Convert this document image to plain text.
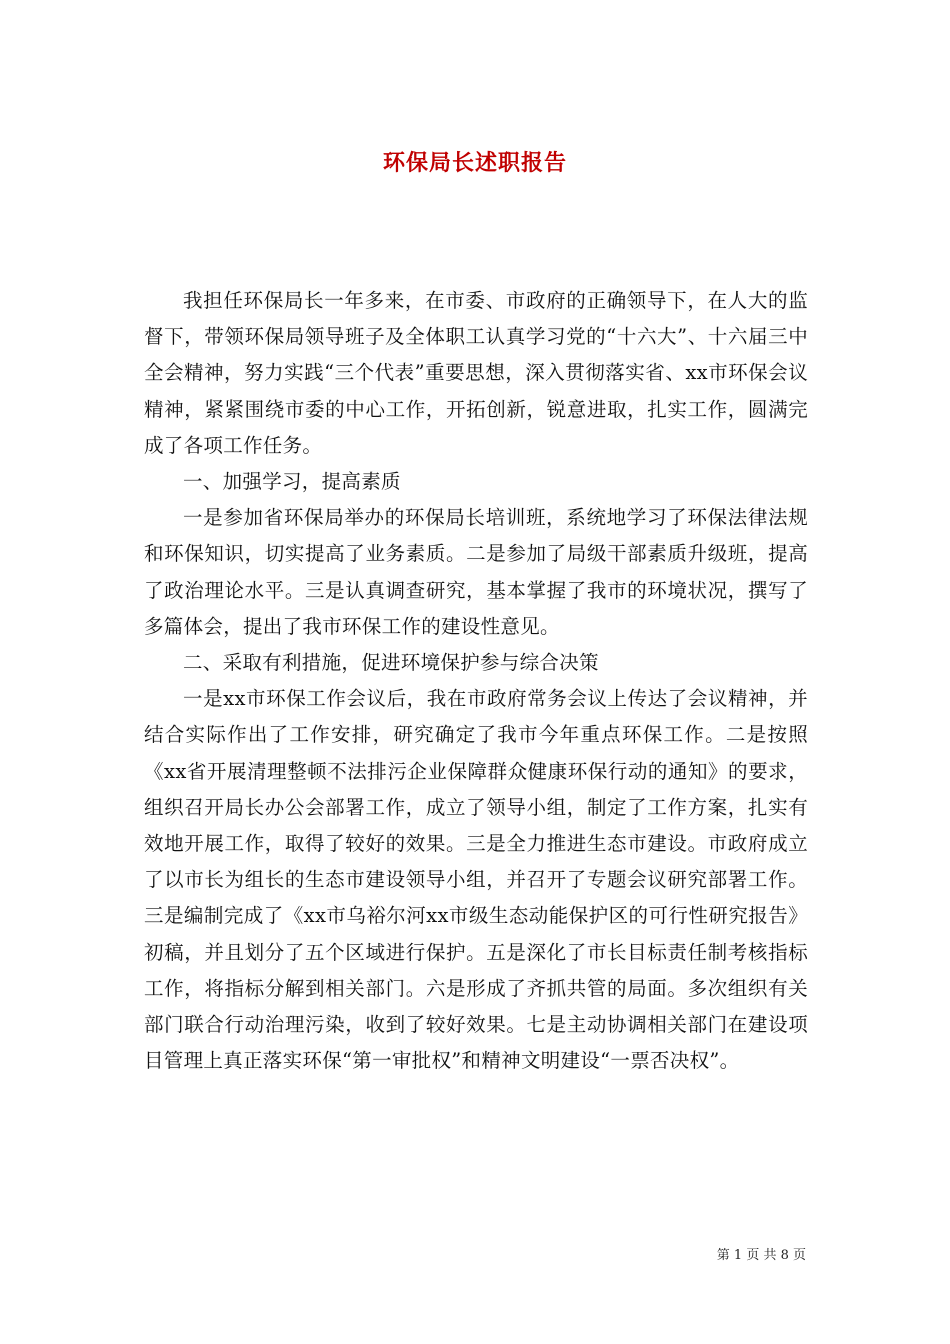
环保局长述职报告

我担任环保局长一年多来，在市委、市政府的正确领导下，在人大的监督下，带领环保局领导班子及全体职工认真学习党的“十六大”、十六届三中全会精神，努力实践“三个代表”重要思想，深入贯彻落实省、xx市环保会议精神，紧紧围绕市委的中心工作，开拓创新，锐意进取，扎实工作，圆满完成了各项工作任务。

一、加强学习，提高素质

一是参加省环保局举办的环保局长培训班，系统地学习了环保法律法规和环保知识，切实提高了业务素质。二是参加了局级干部素质升级班，提高了政治理论水平。三是认真调查研究，基本掌握了我市的环境状况，撰写了多篇体会，提出了我市环保工作的建设性意见。

二、采取有利措施，促进环境保护参与综合决策

一是xx市环保工作会议后，我在市政府常务会议上传达了会议精神，并结合实际作出了工作安排，研究确定了我市今年重点环保工作。二是按照《xx省开展清理整顿不法排污企业保障群众健康环保行动的通知》的要求，组织召开局长办公会部署工作，成立了领导小组，制定了工作方案，扎实有效地开展工作，取得了较好的效果。三是全力推进生态市建设。市政府成立了以市长为组长的生态市建设领导小组，并召开了专题会议研究部署工作。三是编制完成了《xx市乌裕尔河xx市级生态动能保护区的可行性研究报告》初稿，并且划分了五个区域进行保护。五是深化了市长目标责任制考核指标工作，将指标分解到相关部门。六是形成了齐抓共管的局面。多次组织有关部门联合行动治理污染，收到了较好效果。七是主动协调相关部门在建设项目管理上真正落实环保“第一审批权”和精神文明建设“一票否决权”。

第 1 页 共 8 页
